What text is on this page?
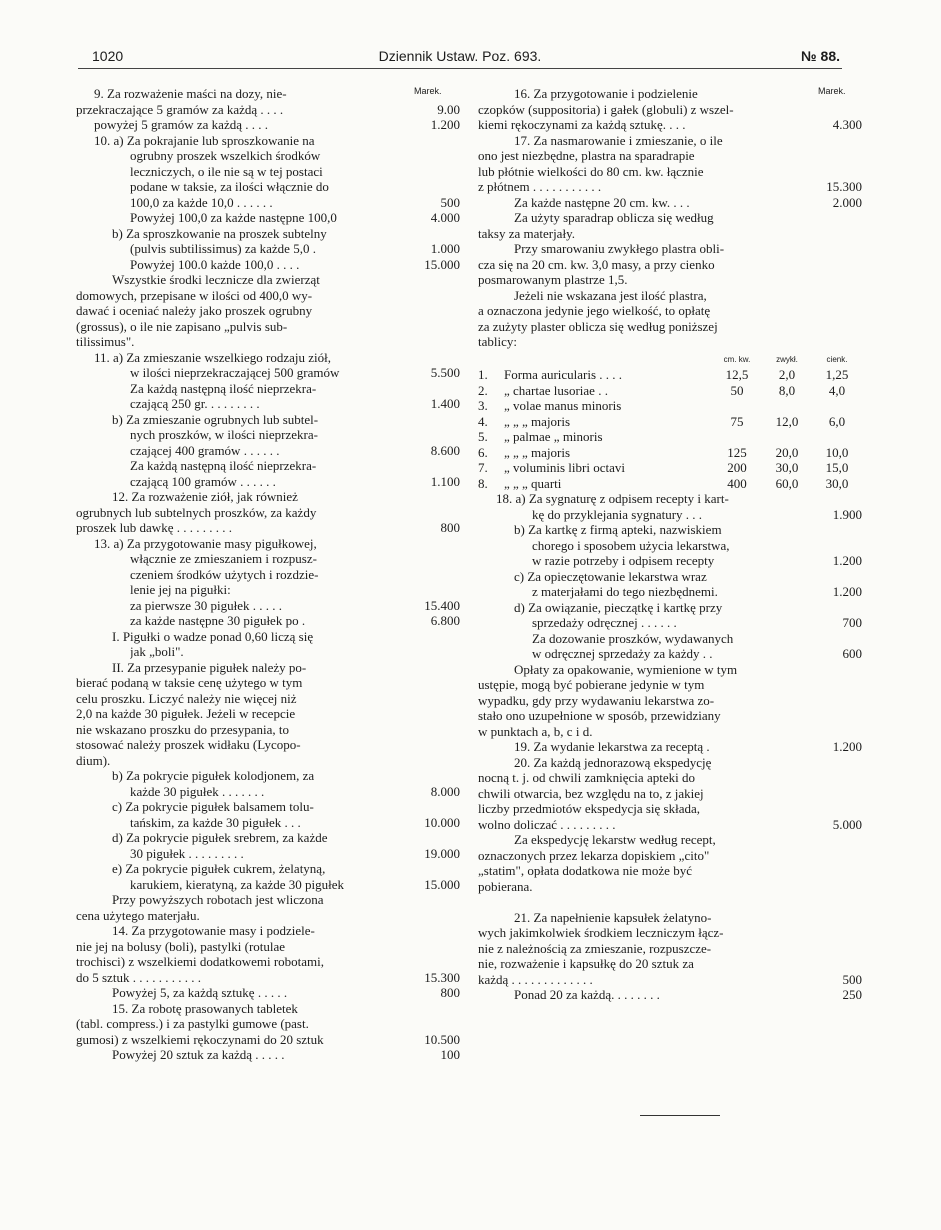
1020	Dziennik Ustaw. Poz. 693.	№ 88.
Marek.	Marek.
9. Za rozważenie maści na dozy, nie-
przekraczające 5 gramów za każdą . . . .	9.00
powyżej 5 gramów za każdą . . . .	1.200
10. a) Za pokrajanie lub sproszkowanie na
ogrubny proszek wszelkich środków
leczniczych, o ile nie są w tej postaci
podane w taksie, za ilości włącznie do
100,0 za każde 10,0 . . . . . .	500
Powyżej 100,0 za każde następne 100,0	4.000
b) Za sproszkowanie na proszek subtelny
(pulvis subtilissimus) za każde 5,0 .	1.000
Powyżej 100.0 każde 100,0 . . . .	15.000
Wszystkie środki lecznicze dla zwierząt
domowych, przepisane w ilości od 400,0 wy-
dawać i oceniać należy jako proszek ogrubny
(grossus), o ile nie zapisano „pulvis sub-
tilissimus".
11. a) Za zmieszanie wszelkiego rodzaju ziół,
w ilości nieprzekraczającej 500 gramów	5.500
Za każdą następną ilość nieprzekra-
czającą 250 gr. . . . . . . . .	1.400
b) Za zmieszanie ogrubnych lub subtel-
nych proszków, w ilości nieprzekra-
czającej 400 gramów . . . . . .	8.600
Za każdą następną ilość nieprzekra-
czającą 100 gramów . . . . . .	1.100
12. Za rozważenie ziół, jak również
ogrubnych lub subtelnych proszków, za każdy
proszek lub dawkę . . . . . . . . .	800
13. a) Za przygotowanie masy pigułkowej,
włącznie ze zmieszaniem i rozpusz-
czeniem środków użytych i rozdzie-
lenie jej na pigułki:
za pierwsze 30 pigułek . . . . .	15.400
za każde następne 30 pigułek po .	6.800
I. Pigułki o wadze ponad 0,60 liczą się
jak „boli".
II. Za przesypanie pigułek należy po-
bierać podaną w taksie cenę użytego w tym
celu proszku. Liczyć należy nie więcej niż
2,0 na każde 30 pigułek. Jeżeli w recepcie
nie wskazano proszku do przesypania, to
stosować należy proszek widłaku (Lycopo-
dium).
b) Za pokrycie pigułek kolodjonem, za
każde 30 pigułek . . . . . . .	8.000
c) Za pokrycie pigułek balsamem tolu-
tańskim, za każde 30 pigułek . . .	10.000
d) Za pokrycie pigułek srebrem, za każde
30 pigułek . . . . . . . . .	19.000
e) Za pokrycie pigułek cukrem, żelatyną,
karukiem, kieratyną, za każde 30 pigułek	15.000
Przy powyższych robotach jest wliczona
cena użytego materjału.
14. Za przygotowanie masy i podziele-
nie jej na bolusy (boli), pastylki (rotulae
trochisci) z wszelkiemi dodatkowemi robotami,
do 5 sztuk . . . . . . . . . . .	15.300
Powyżej 5, za każdą sztukę . . . . .	800
15. Za robotę prasowanych tabletek
(tabl. compress.) i za pastylki gumowe (past.
gumosi) z wszelkiemi rękoczynami do 20 sztuk	10.500
Powyżej 20 sztuk za każdą . . . . .	100
16. Za przygotowanie i podzielenie
czopków (suppositoria) i gałek (globuli) z wszel-
kiemi rękoczynami za każdą sztukę. . . .	4.300
17. Za nasmarowanie i zmieszanie, o ile
ono jest niezbędne, plastra na sparadrapie
lub płótnie wielkości do 80 cm. kw. łącznie
z płótnem . . . . . . . . . . .	15.300
Za każde następne 20 cm. kw. . . .	2.000
Za użyty sparadrap oblicza się według
taksy za materjały.
Przy smarowaniu zwykłego plastra obli-
cza się na 20 cm. kw. 3,0 masy, a przy cienko
posmarowanym plastrze 1,5.
Jeżeli nie wskazana jest ilość plastra,
a oznaczona jedynie jego wielkość, to opłatę
za zużyty plaster oblicza się według poniższej
tablicy:
cm. kw.	zwykł.	cienk.
1.	Forma auricularis . . . .	12,5	2,0	1,25
2.	„ chartae lusoriae . .	50	8,0	4,0
3.	„ volae manus minoris
4.	„ „ „ majoris	75	12,0	6,0
5.	„ palmae „ minoris
6.	„ „ „ majoris	125	20,0	10,0
7.	„ voluminis libri octavi	200	30,0	15,0
8.	„ „ „ quarti	400	60,0	30,0
18. a) Za sygnaturę z odpisem recepty i kart-
kę do przyklejania sygnatury . . .	1.900
b) Za kartkę z firmą apteki, nazwiskiem
chorego i sposobem użycia lekarstwa,
w razie potrzeby i odpisem recepty	1.200
c) Za opieczętowanie lekarstwa wraz
z materjałami do tego niezbędnemi.	1.200
d) Za owiązanie, pieczątkę i kartkę przy
sprzedaży odręcznej . . . . . .	700
Za dozowanie proszków, wydawanych
w odręcznej sprzedaży za każdy . .	600
Opłaty za opakowanie, wymienione w tym
ustępie, mogą być pobierane jedynie w tym
wypadku, gdy przy wydawaniu lekarstwa zo-
stało ono uzupełnione w sposób, przewidziany
w punktach a, b, c i d.
19. Za wydanie lekarstwa za receptą .	1.200
20. Za każdą jednorazową ekspedycję
nocną t. j. od chwili zamknięcia apteki do
chwili otwarcia, bez względu na to, z jakiej
liczby przedmiotów ekspedycja się składa,
wolno doliczać . . . . . . . . .	5.000
Za ekspedycję lekarstw według recept,
oznaczonych przez lekarza dopiskiem „cito"
„statim", opłata dodatkowa nie może być
pobierana.
21. Za napełnienie kapsułek żelatyno-
wych jakimkolwiek środkiem leczniczym łącz-
nie z należnością za zmieszanie, rozpuszcze-
nie, rozważenie i kapsułkę do 20 sztuk za
każdą . . . . . . . . . . . . .	500
Ponad 20 za każdą. . . . . . . .	250
